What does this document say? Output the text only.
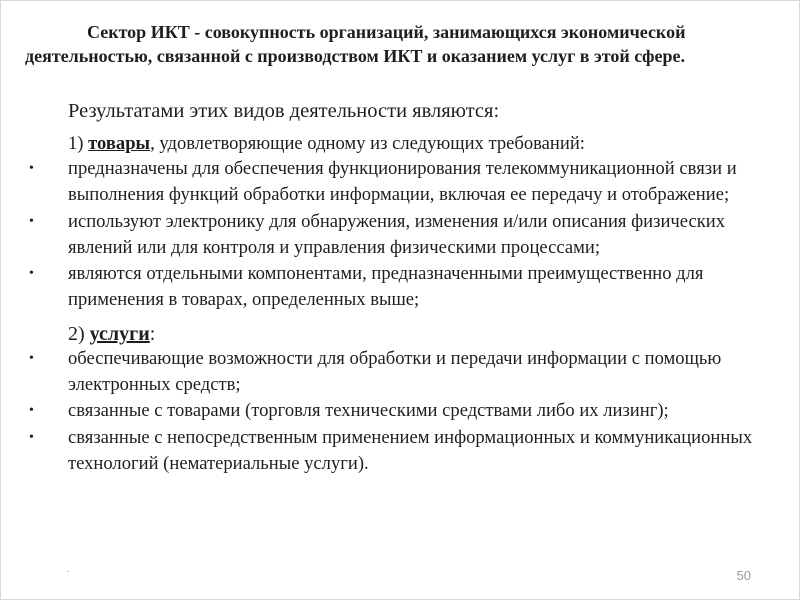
Сектор ИКТ - совокупность организаций, занимающихся экономической деятельностью, связанной с производством ИКТ и оказанием услуг в этой сфере.

Результатами этих видов деятельности являются:

1)
товары , удовлетворяющие одному из следующих требований:

• предназначены для обеспечения функционирования телекоммуникационной связи и выполнения функций обработки информации, включая ее передачу и отображение;

• используют электронику для обнаружения, изменения и/или описания физических явлений или для контроля и управления физическими процессами;

• являются отдельными компонентами, предназначенными преимущественно для применения в товарах, определенных выше;

2)
услуги :

• обеспечивающие возможности для обработки и передачи информации с помощью электронных средств;

• связанные с товарами (торговля техническими средствами либо их лизинг);

• связанные с непосредственным применением информационных и коммуникационных технологий (нематериальные услуги).

.	50
